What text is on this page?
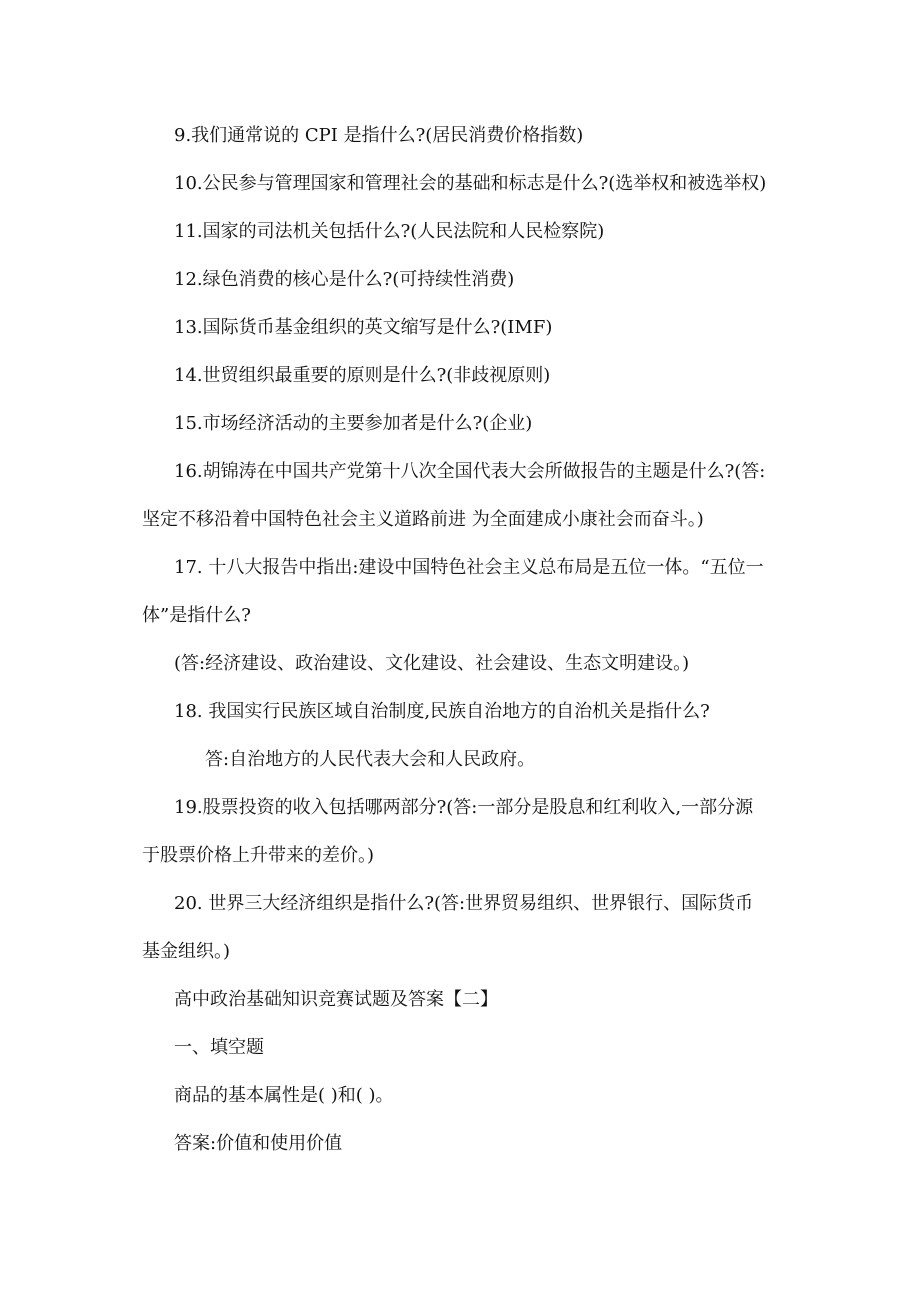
9.我们通常说的 CPI 是指什么?(居民消费价格指数)
10.公民参与管理国家和管理社会的基础和标志是什么?(选举权和被选举权)
11.国家的司法机关包括什么?(人民法院和人民检察院)
12.绿色消费的核心是什么?(可持续性消费)
13.国际货币基金组织的英文缩写是什么?(IMF)
14.世贸组织最重要的原则是什么?(非歧视原则)
15.市场经济活动的主要参加者是什么?(企业)
16.胡锦涛在中国共产党第十八次全国代表大会所做报告的主题是什么?(答:
坚定不移沿着中国特色社会主义道路前进 为全面建成小康社会而奋斗。)
17. 十八大报告中指出:建设中国特色社会主义总布局是五位一体。“五位一
体”是指什么?
(答:经济建设、政治建设、文化建设、社会建设、生态文明建设。)
18. 我国实行民族区域自治制度,民族自治地方的自治机关是指什么?
答:自治地方的人民代表大会和人民政府。
19.股票投资的收入包括哪两部分?(答:一部分是股息和红利收入,一部分源
于股票价格上升带来的差价。)
20. 世界三大经济组织是指什么?(答:世界贸易组织、世界银行、国际货币
基金组织。)
高中政治基础知识竞赛试题及答案【二】
一、填空题
商品的基本属性是( )和( )。
答案:价值和使用价值
